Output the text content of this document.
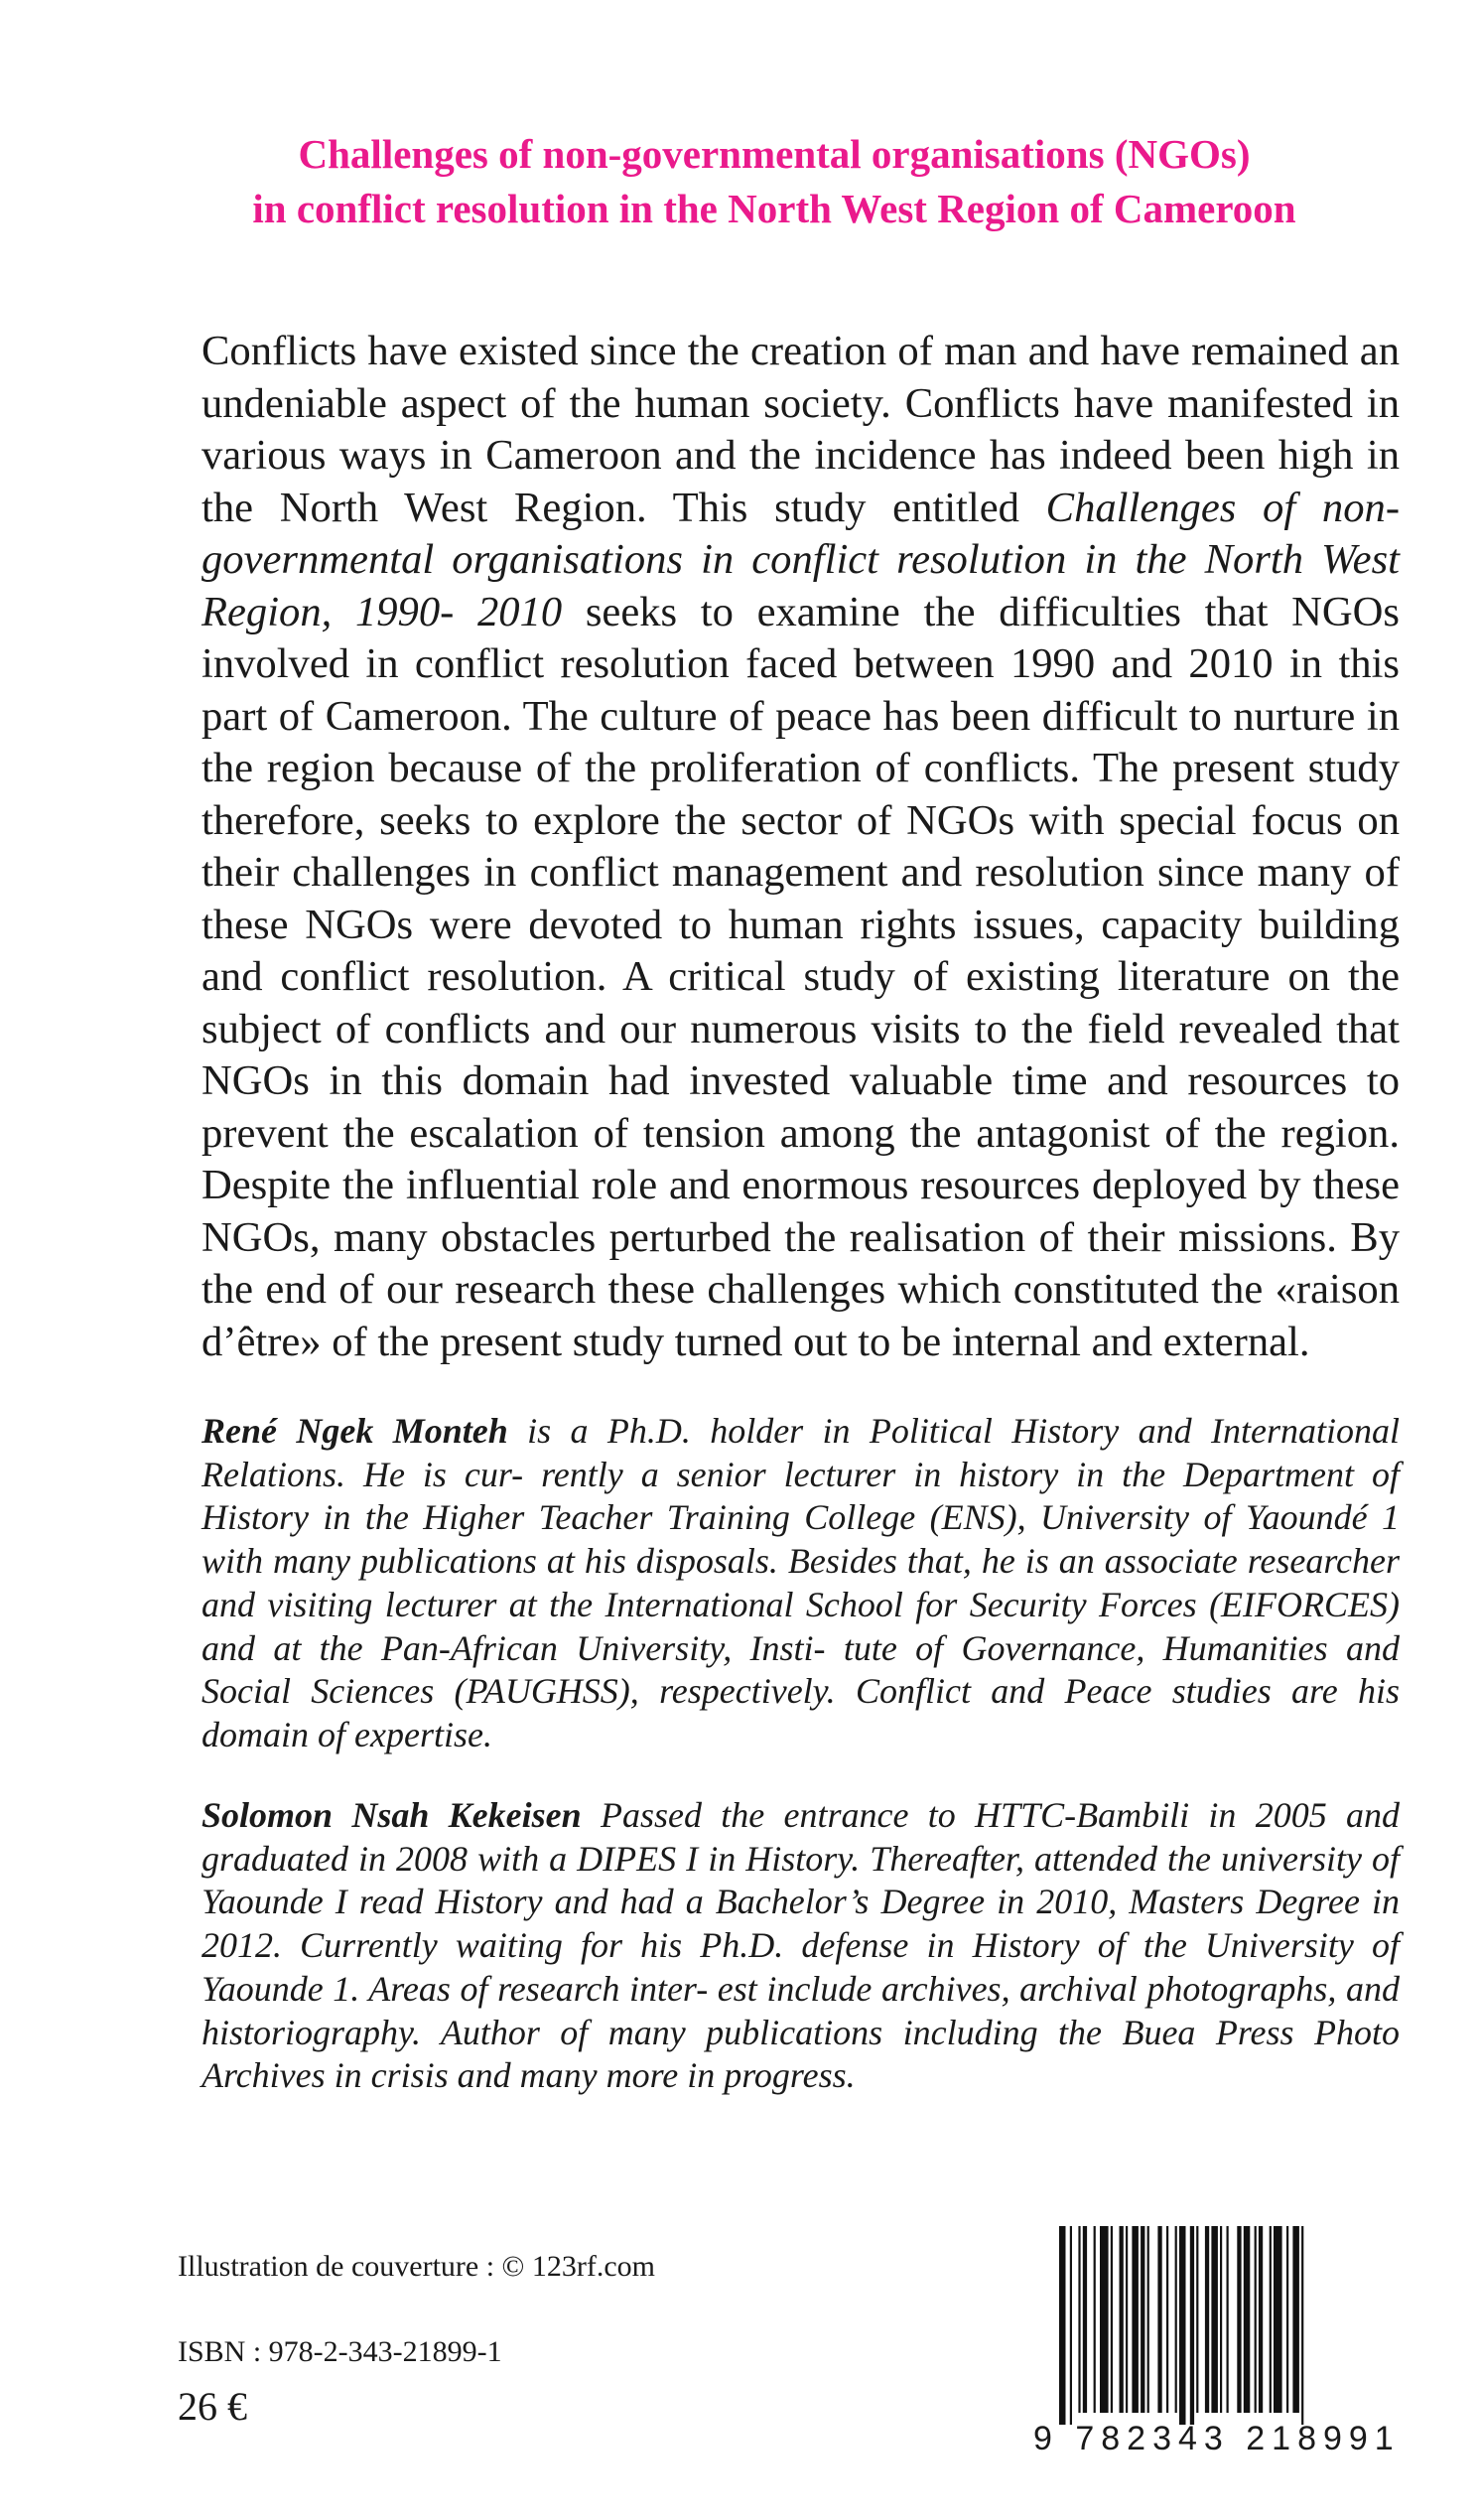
Challenges of non-governmental organisations (NGOs)
in conflict resolution in the North West Region of Cameroon

Conflicts have existed since the creation of man and have remained an undeniable aspect of the human society. Conflicts have manifested in various ways in Cameroon and the incidence has indeed been high in the North West Region. This study entitled Challenges of non-governmental organisations in conflict resolution in the North West Region, 1990- 2010 seeks to examine the difficulties that NGOs involved in conflict resolution faced between 1990 and 2010 in this part of Cameroon. The culture of peace has been difficult to nurture in the region because of the proliferation of conflicts. The present study therefore, seeks to explore the sector of NGOs with special focus on their challenges in conflict management and resolution since many of these NGOs were devoted to human rights issues, capacity building and conflict resolution. A critical study of existing literature on the subject of conflicts and our numerous visits to the field revealed that NGOs in this domain had invested valuable time and resources to prevent the escalation of tension among the antagonist of the region. Despite the influential role and enormous resources deployed by these NGOs, many obstacles perturbed the realisation of their missions. By the end of our research these challenges which constituted the «raison d’être» of the present study turned out to be internal and external.

René Ngek Monteh is a Ph.D. holder in Political History and International Relations. He is cur- rently a senior lecturer in history in the Department of History in the Higher Teacher Training College (ENS), University of Yaoundé 1 with many publications at his disposals. Besides that, he is an associate researcher and visiting lecturer at the International School for Security Forces (EIFORCES) and at the Pan-African University, Insti- tute of Governance, Humanities and Social Sciences (PAUGHSS), respectively. Conflict and Peace studies are his domain of expertise.

Solomon Nsah Kekeisen Passed the entrance to HTTC-Bambili in 2005 and graduated in 2008 with a DIPES I in History. Thereafter, attended the university of Yaounde I read History and had a Bachelor’s Degree in 2010, Masters Degree in 2012. Currently waiting for his Ph.D. defense in History of the University of Yaounde 1. Areas of research inter- est include archives, archival photographs, and historiography. Author of many publications including the Buea Press Photo Archives in crisis and many more in progress.

Illustration de couverture : © 123rf.com
ISBN : 978-2-343-21899-1
26 €
9 782343 218991
